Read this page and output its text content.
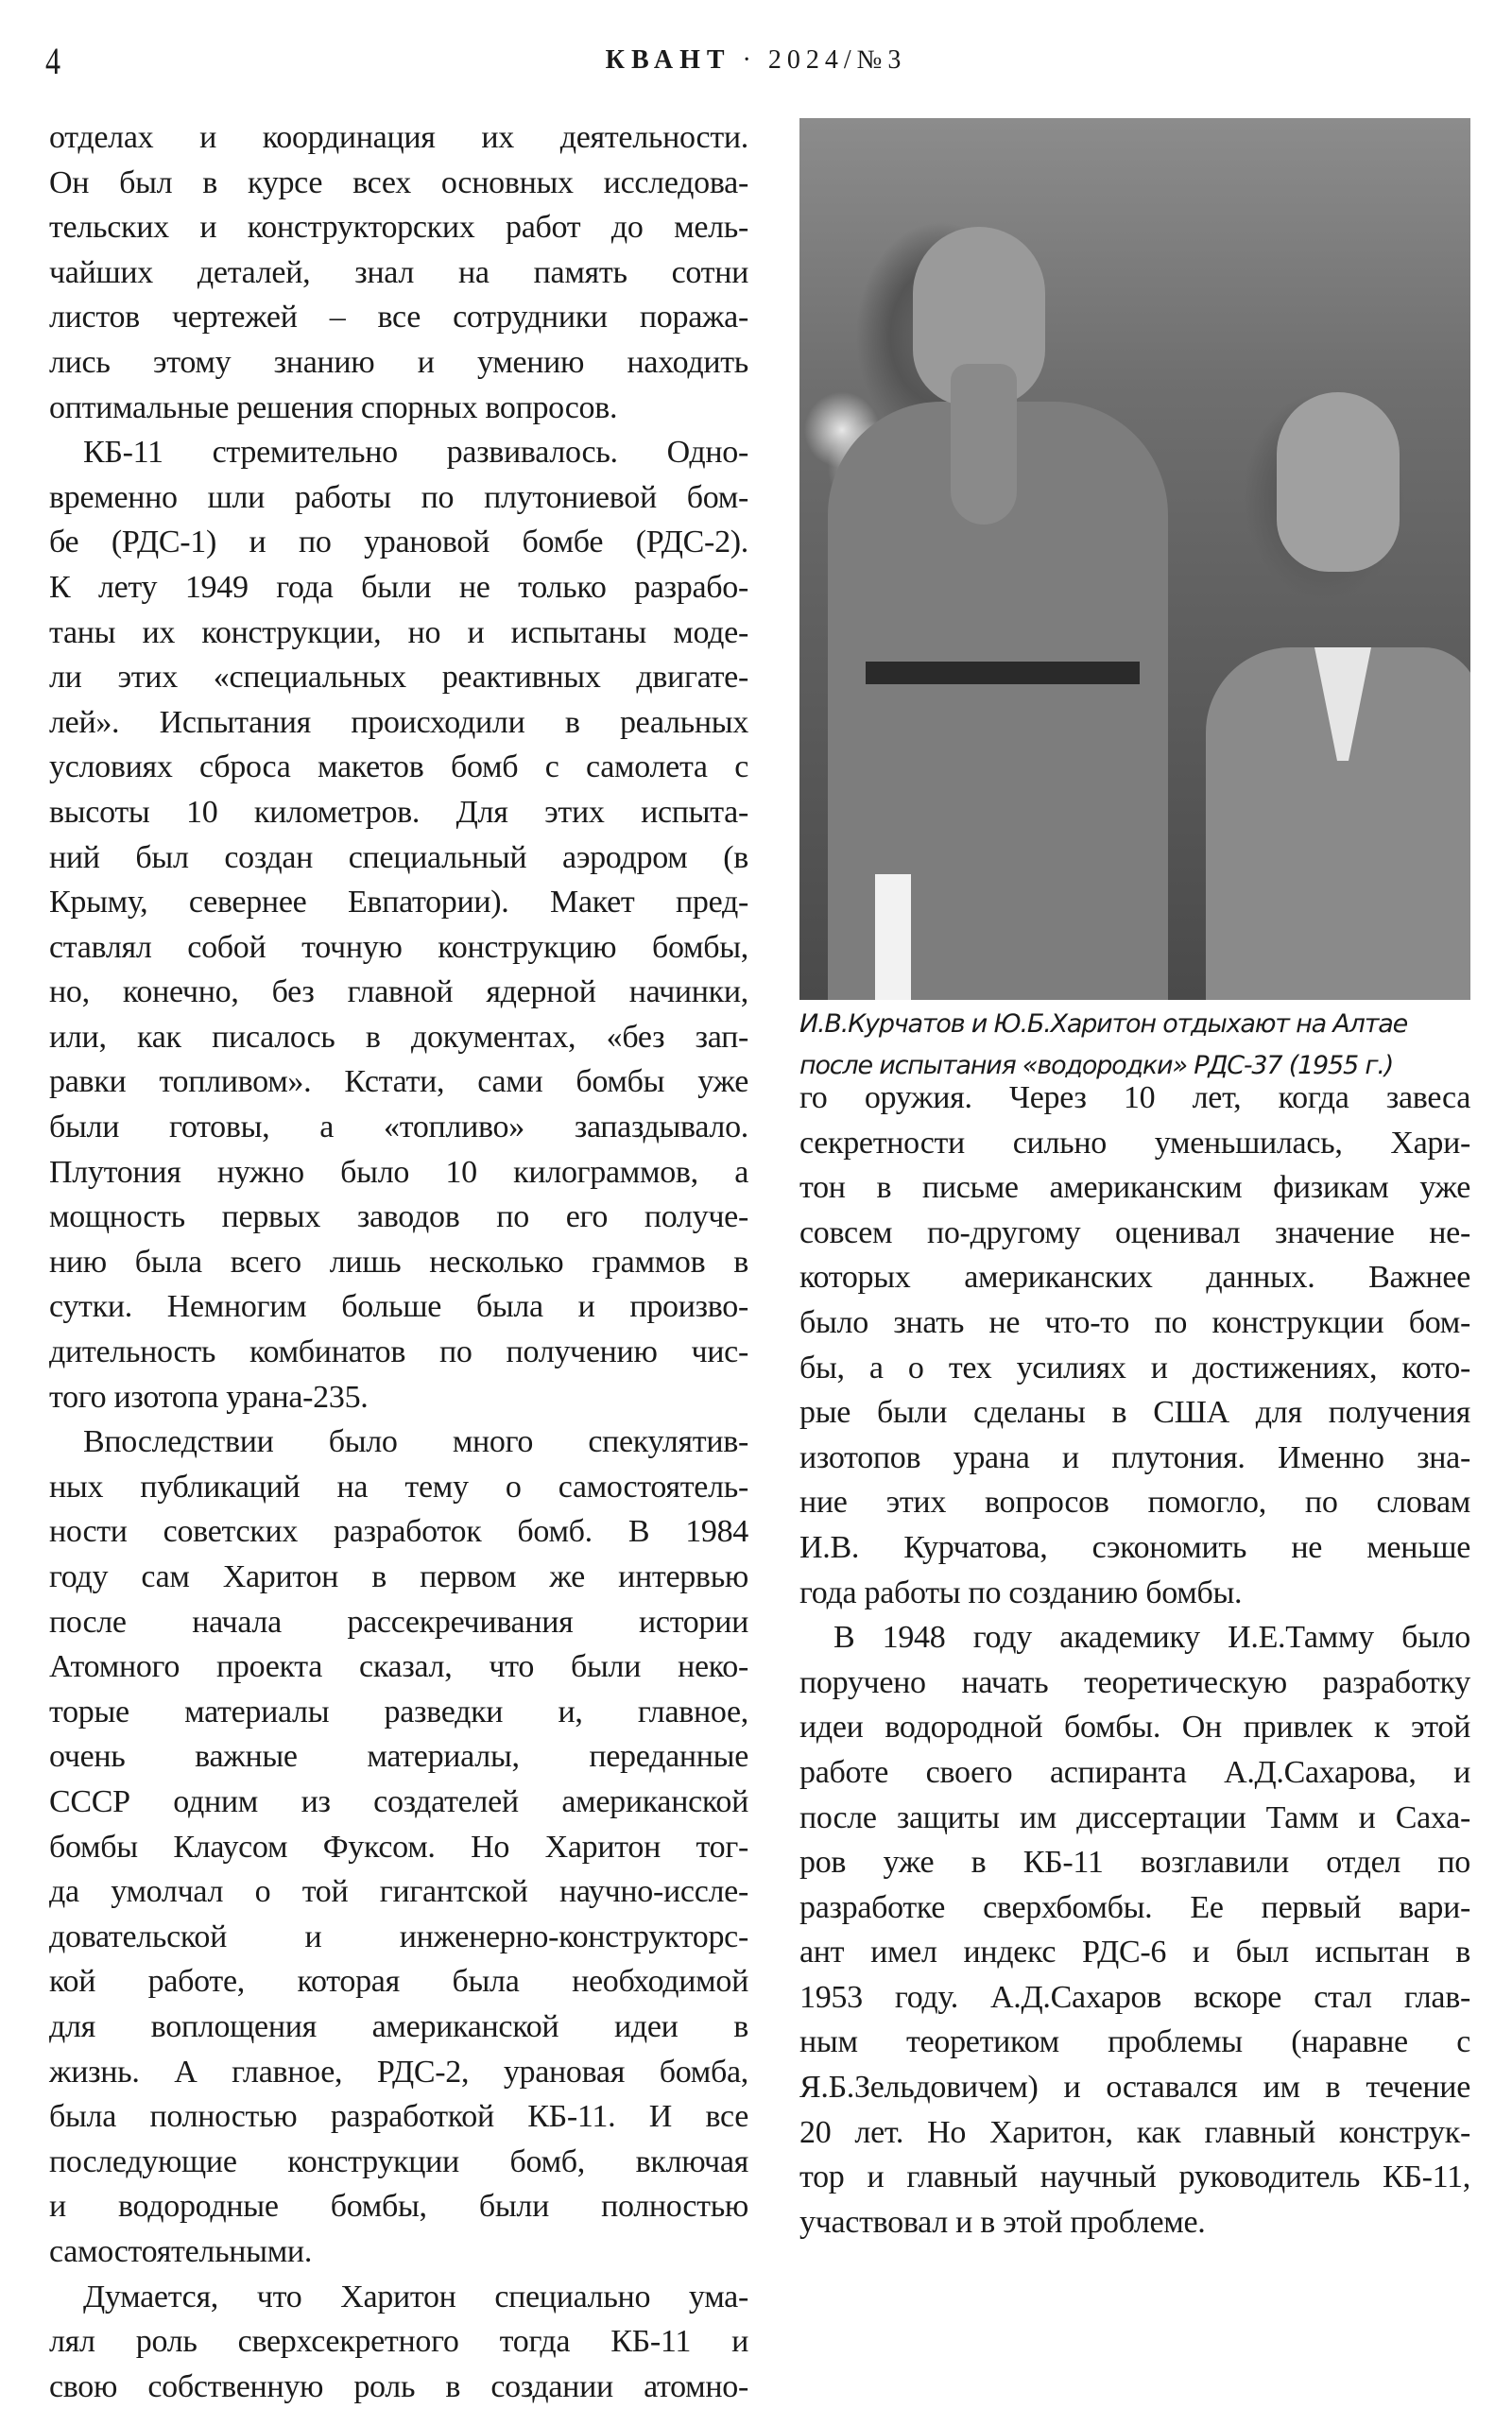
4	КВАНТ · 2024/№3
отделах и координация их деятельности.
Он был в курсе всех основных исследова-
тельских и конструкторских работ до мель-
чайших деталей, знал на память сотни
листов чертежей – все сотрудники поража-
лись этому знанию и умению находить
оптимальные решения спорных вопросов.
КБ-11 стремительно развивалось. Одно-
временно шли работы по плутониевой бом-
бе (РДС-1) и по урановой бомбе (РДС-2).
К лету 1949 года были не только разрабо-
таны их конструкции, но и испытаны моде-
ли этих «специальных реактивных двигате-
лей». Испытания происходили в реальных
условиях сброса макетов бомб с самолета с
высоты 10 километров. Для этих испыта-
ний был создан специальный аэродром (в
Крыму, севернее Евпатории). Макет пред-
ставлял собой точную конструкцию бомбы,
но, конечно, без главной ядерной начинки,
или, как писалось в документах, «без зап-
равки топливом». Кстати, сами бомбы уже
были готовы, а «топливо» запаздывало.
Плутония нужно было 10 килограммов, а
мощность первых заводов по его получе-
нию была всего лишь несколько граммов в
сутки. Немногим больше была и произво-
дительность комбинатов по получению чис-
того изотопа урана-235.
Впоследствии было много спекулятив-
ных публикаций на тему о самостоятель-
ности советских разработок бомб. В 1984
году сам Харитон в первом же интервью
после начала рассекречивания истории
Атомного проекта сказал, что были неко-
торые материалы разведки и, главное,
очень важные материалы, переданные
СССР одним из создателей американской
бомбы Клаусом Фуксом. Но Харитон тог-
да умолчал о той гигантской научно-иссле-
довательской и инженерно-конструкторс-
кой работе, которая была необходимой
для воплощения американской идеи в
жизнь. А главное, РДС-2, урановая бомба,
была полностью разработкой КБ-11. И все
последующие конструкции бомб, включая
и водородные бомбы, были полностью
самостоятельными.
Думается, что Харитон специально ума-
лял роль сверхсекретного тогда КБ-11 и
свою собственную роль в создании атомно-
И.В.Курчатов и Ю.Б.Харитон отдыхают на Алтае
после испытания «водородки» РДС-37 (1955 г.)
го оружия. Через 10 лет, когда завеса
секретности сильно уменьшилась, Хари-
тон в письме американским физикам уже
совсем по-другому оценивал значение не-
которых американских данных. Важнее
было знать не что-то по конструкции бом-
бы, а о тех усилиях и достижениях, кото-
рые были сделаны в США для получения
изотопов урана и плутония. Именно зна-
ние этих вопросов помогло, по словам
И.В. Курчатова, сэкономить не меньше
года работы по созданию бомбы.
В 1948 году академику И.Е.Тамму было
поручено начать теоретическую разработку
идеи водородной бомбы. Он привлек к этой
работе своего аспиранта А.Д.Сахарова, и
после защиты им диссертации Тамм и Саха-
ров уже в КБ-11 возглавили отдел по
разработке сверхбомбы. Ее первый вари-
ант имел индекс РДС-6 и был испытан в
1953 году. А.Д.Сахаров вскоре стал глав-
ным теоретиком проблемы (наравне с
Я.Б.Зельдовичем) и оставался им в течение
20 лет. Но Харитон, как главный конструк-
тор и главный научный руководитель КБ-11,
участвовал и в этой проблеме.
